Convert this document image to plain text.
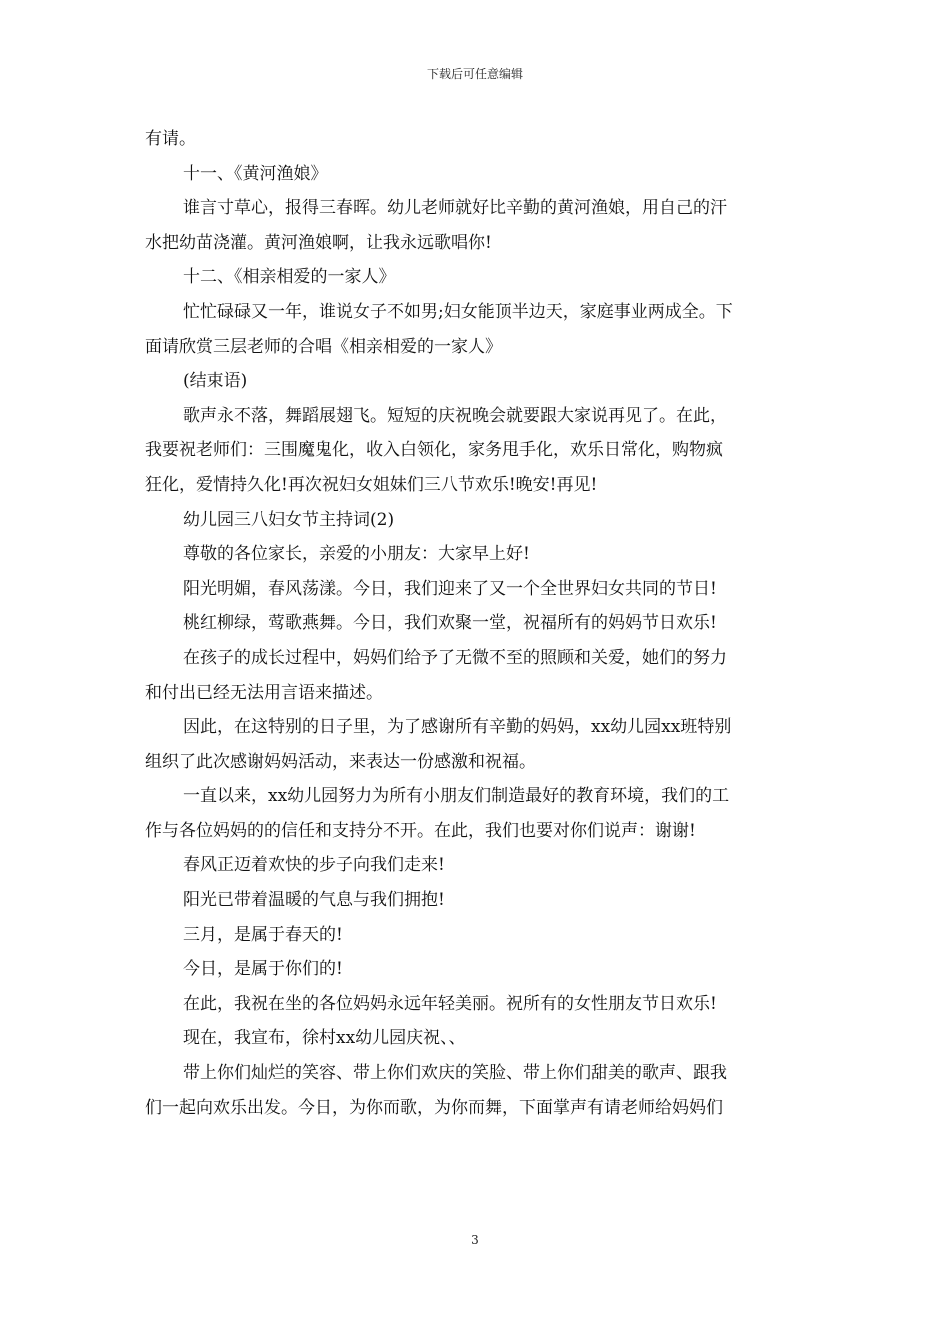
下载后可任意编辑

有请。

十一、《黄河渔娘》

谁言寸草心，报得三春晖。幼儿老师就好比辛勤的黄河渔娘，用自己的汗

水把幼苗浇灌。黄河渔娘啊，让我永远歌唱你!

十二、《相亲相爱的一家人》

忙忙碌碌又一年，谁说女子不如男;妇女能顶半边天，家庭事业两成全。下

面请欣赏三层老师的合唱《相亲相爱的一家人》

(结束语)

歌声永不落，舞蹈展翅飞。短短的庆祝晚会就要跟大家说再见了。在此，

我要祝老师们：三围魔鬼化，收入白领化，家务甩手化，欢乐日常化，购物疯

狂化，爱情持久化!再次祝妇女姐妹们三八节欢乐!晚安!再见!

幼儿园三八妇女节主持词(2)

尊敬的各位家长，亲爱的小朋友：大家早上好!

阳光明媚，春风荡漾。今日，我们迎来了又一个全世界妇女共同的节日!

桃红柳绿，莺歌燕舞。今日，我们欢聚一堂，祝福所有的妈妈节日欢乐!

在孩子的成长过程中，妈妈们给予了无微不至的照顾和关爱，她们的努力

和付出已经无法用言语来描述。

因此，在这特别的日子里，为了感谢所有辛勤的妈妈，xx幼儿园xx班特别

组织了此次感谢妈妈活动，来表达一份感激和祝福。

一直以来，xx幼儿园努力为所有小朋友们制造最好的教育环境，我们的工

作与各位妈妈的的信任和支持分不开。在此，我们也要对你们说声：谢谢!

春风正迈着欢快的步子向我们走来!

阳光已带着温暖的气息与我们拥抱!

三月，是属于春天的!

今日，是属于你们的!

在此，我祝在坐的各位妈妈永远年轻美丽。祝所有的女性朋友节日欢乐!

现在，我宣布，徐村xx幼儿园庆祝、、

带上你们灿烂的笑容、带上你们欢庆的笑脸、带上你们甜美的歌声、跟我

们一起向欢乐出发。今日，为你而歌，为你而舞，下面掌声有请老师给妈妈们

3
